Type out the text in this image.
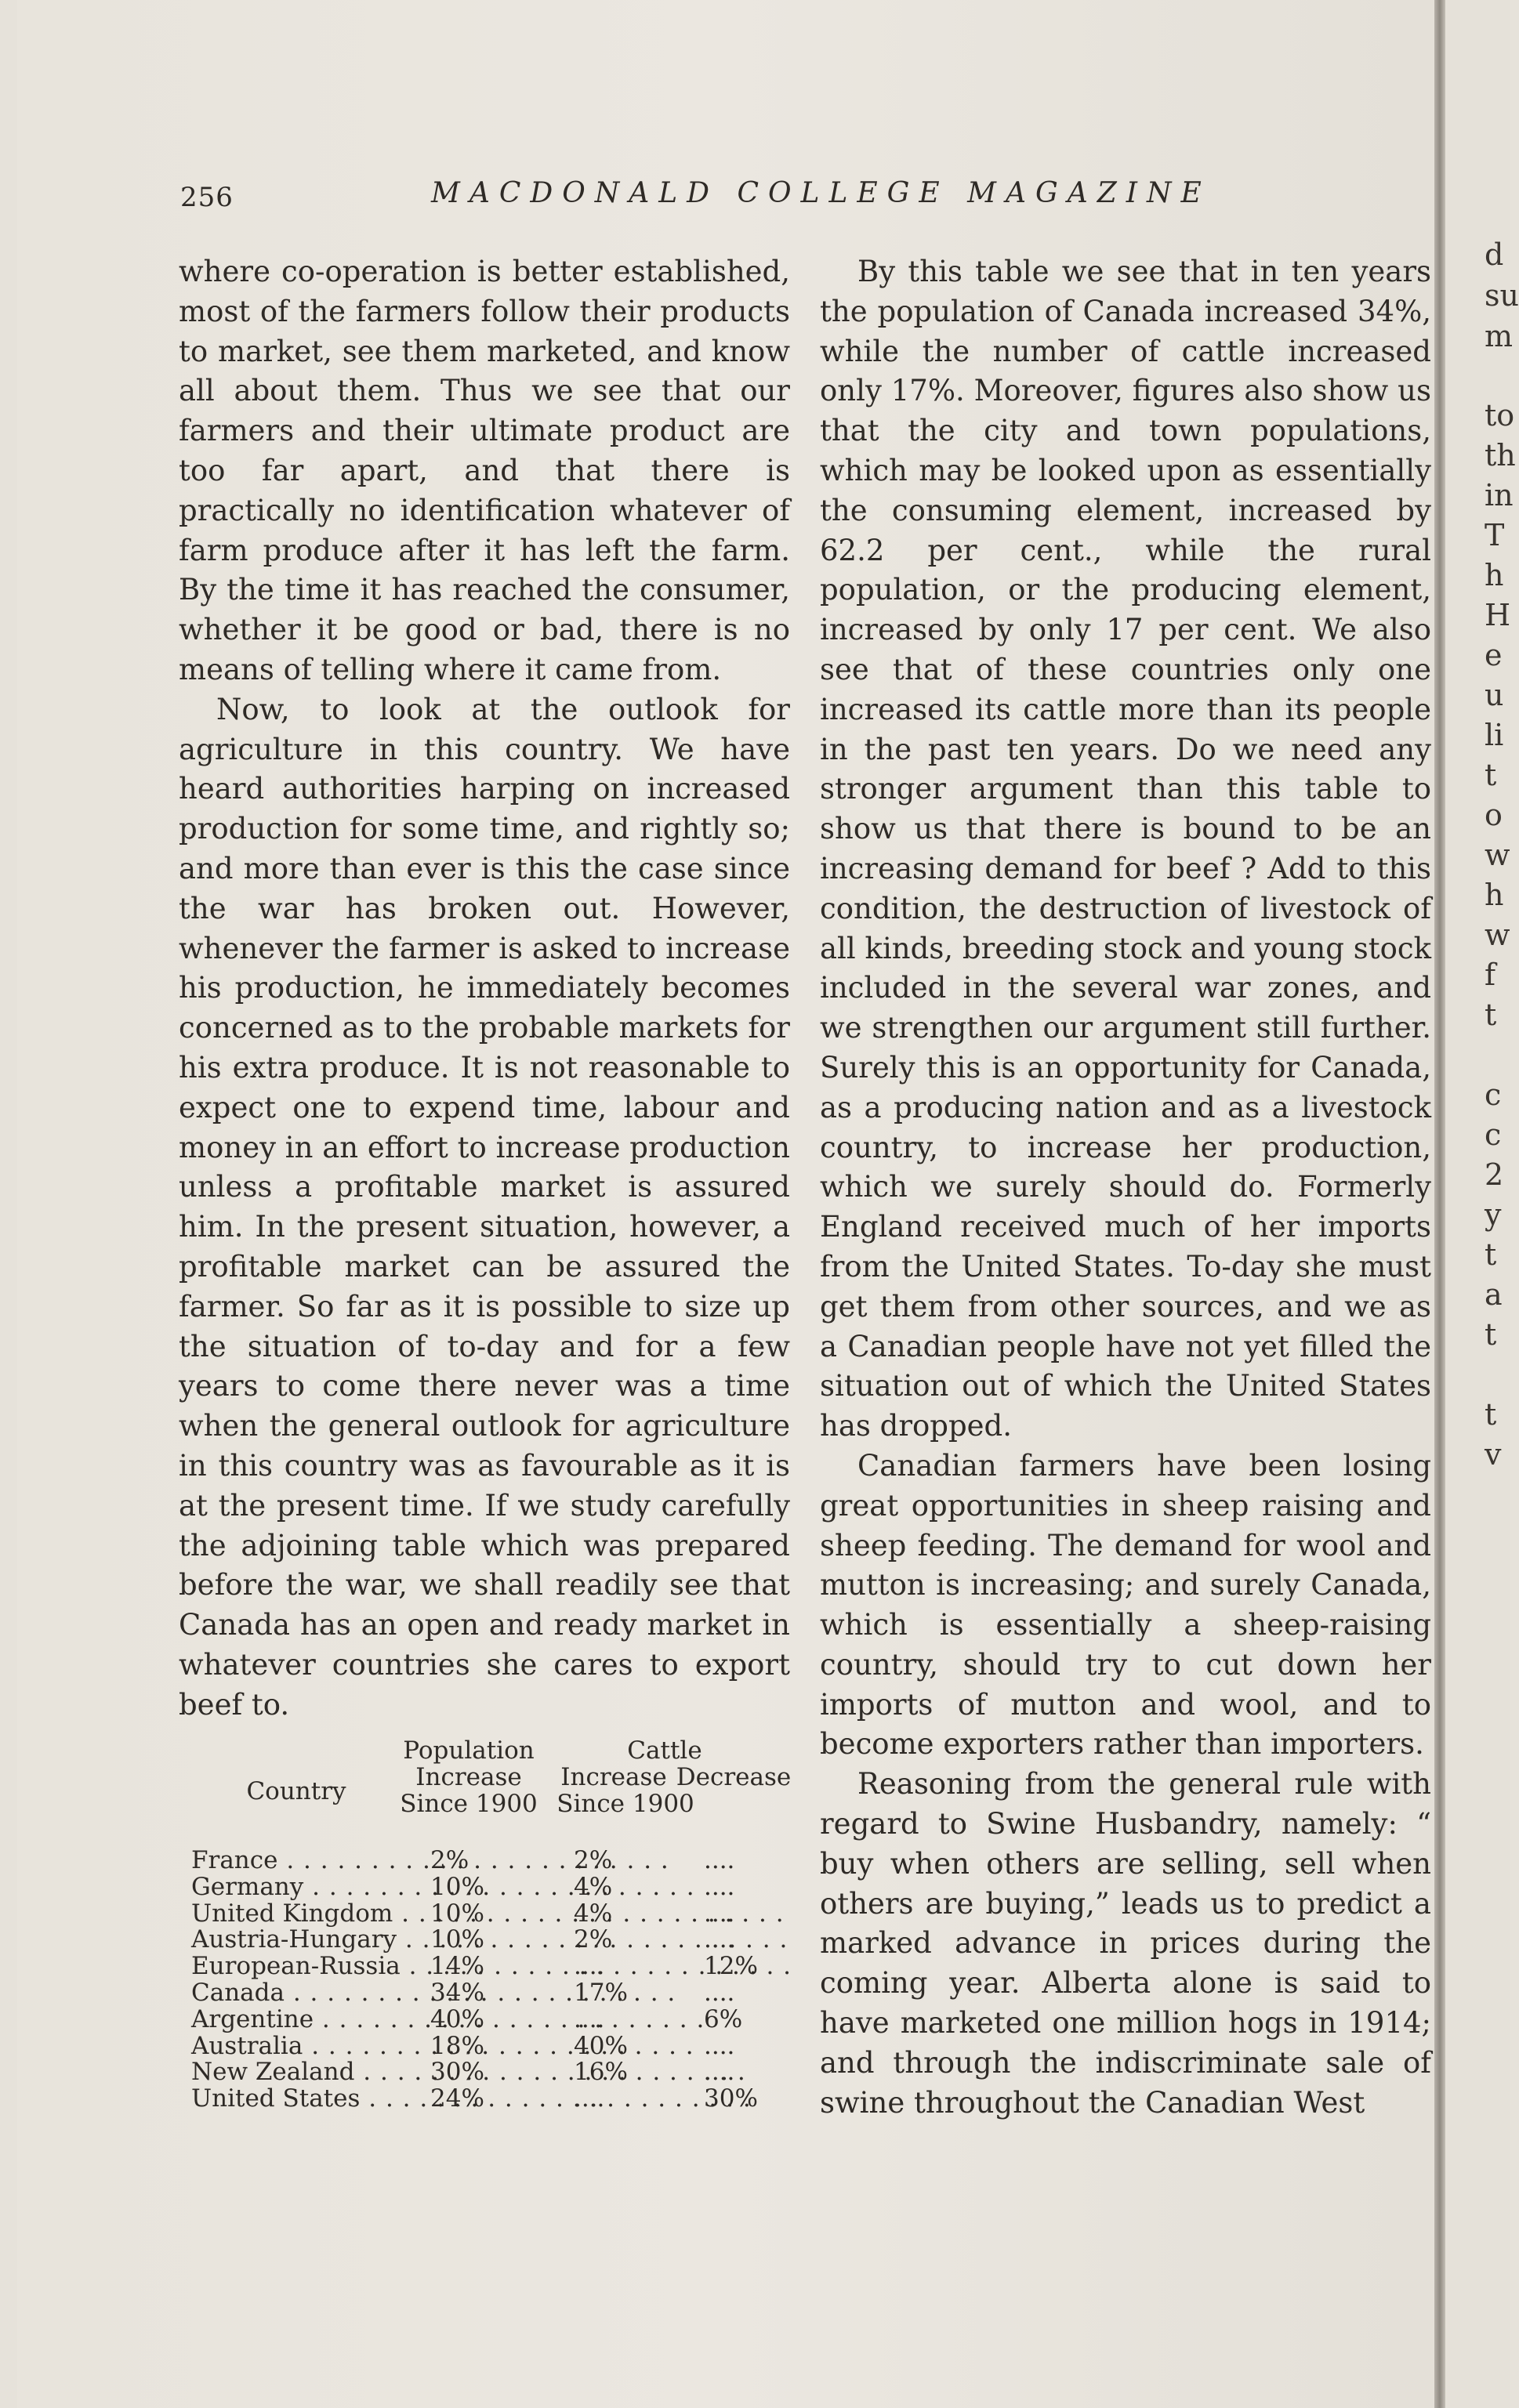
d
su
m
to
th
in
T
h
H
e
u
li
t
o
w
h
w
f
t
c
c
2
y
t
a
t
t
v
256	MACDONALD COLLEGE MAGAZINE

where co-operation is better established, most of the farmers follow their products to market, see them marketed, and know all about them. Thus we see that our farmers and their ultimate product are too far apart, and that there is practically no identification whatever of farm produce after it has left the farm. By the time it has reached the consumer, whether it be good or bad, there is no means of telling where it came from.

Now, to look at the outlook for agriculture in this country. We have heard authorities harping on increased production for some time, and rightly so; and more than ever is this the case since the war has broken out. However, whenever the farmer is asked to increase his production, he immediately becomes concerned as to the probable markets for his extra produce. It is not reasonable to expect one to expend time, labour and money in an effort to increase production unless a profitable market is assured him. In the present situation, however, a profitable market can be assured the farmer. So far as it is possible to size up the situation of to-day and for a few years to come there never was a time when the general outlook for agriculture in this country was as favourable as it is at the present time. If we study carefully the adjoining table which was prepared before the war, we shall readily see that Canada has an open and ready market in whatever countries she cares to export beef to.

Population	Cattle
Country	Increase	Increase Decrease
Since 1900 Since 1900
France . . .	2%	2%	....
Germany . . .	10%	4%	....
United Kingdom . . .	10%	4%	....
Austria-Hungary . . .	10%	2%	....
European-Russia . . .	14%	....	12%
Canada . . .	34%	17%	....
Argentine . . .	40%	....	6%
Australia . . .	18%	40%	....
New Zealand . . .	30%	16%	....
United States . . .	24%	....	30%

By this table we see that in ten years the population of Canada increased 34%, while the number of cattle increased only 17%. Moreover, figures also show us that the city and town populations, which may be looked upon as essentially the consuming element, increased by 62.2 per cent., while the rural population, or the producing element, increased by only 17 per cent. We also see that of these countries only one increased its cattle more than its people in the past ten years. Do we need any stronger argument than this table to show us that there is bound to be an increasing demand for beef ? Add to this condition, the destruction of livestock of all kinds, breeding stock and young stock included in the several war zones, and we strengthen our argument still further. Surely this is an opportunity for Canada, as a producing nation and as a livestock country, to increase her production, which we surely should do. Formerly England received much of her imports from the United States. To-day she must get them from other sources, and we as a Canadian people have not yet filled the situation out of which the United States has dropped.

Canadian farmers have been losing great opportunities in sheep raising and sheep feeding. The demand for wool and mutton is increasing; and surely Canada, which is essentially a sheep-raising country, should try to cut down her imports of mutton and wool, and to become exporters rather than importers.

Reasoning from the general rule with regard to Swine Husbandry, namely: “ buy when others are selling, sell when others are buying,” leads us to predict a marked advance in prices during the coming year. Alberta alone is said to have marketed one million hogs in 1914; and through the indiscriminate sale of swine throughout the Canadian West
